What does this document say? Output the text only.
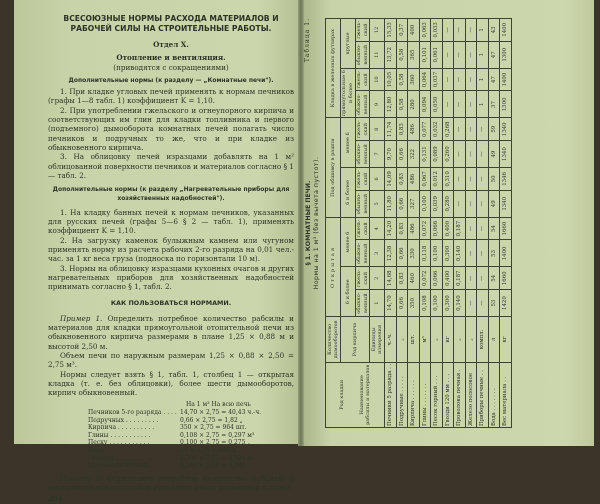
ВСЕСОЮЗНЫЕ НОРМЫ РАСХОДА МАТЕРИАЛОВ И РАБОЧЕЙ СИЛЫ НА СТРОИТЕЛЬНЫЕ РАБОТЫ.
Отдел X.
Отопление и вентиляция.
(приводятся с сокращениями)
Дополнительные нормы (к разделу — „Комнатные печи").

1. При кладке угловых печей применять к нормам печников (графы 1—8 табл. 1) коэффициент K = 1,10.

2. При употреблении гжельского и огнеупорного кирпича и соответствующих им глин для кладки топливника и первого (подъемного) дымооборота комнатных печей полагать число печников и подручных то же, что и при кладке из обыкновенного кирпича.

3. На облицовку печей изразцами добавлять на 1 м² облицованной поверхности печников и материалов согласно § 1 — табл. 2.

Дополнительные нормы (к разделу „Нагревательные приборы для хозяйственных надобностей").

1. На кладку банных печей к нормам печников, указанных для русских печей (графы 5—6 § 2 — табл. 1), применять коэффициент K = 1,10.

2. На загрузку каменок булыжным камнем или чугуном применять норму из расчета рабочих 2-го разряда на 0,01 чел.-час. за 1 кг веса груза (подноска по горизонтали 10 м).

3. Нормы на облицовку изразцами кухонных очагов и других нагревательных приборов для хозяйственных надобностей принимать согласно § 1, табл. 2.

КАК ПОЛЬЗОВАТЬСЯ НОРМАМИ.

Пример 1. Определить потребное количество рабсилы и материалов для кладки прямоугольной отопительной печи из обыкновенного кирпича размерами в плане 1,25 × 0,88 м и высотой 2,50 м.

Объем печи по наружным размерам 1,25 × 0,88 × 2,50 = 2,75 м³.

Нормы следует взять § 1, табл. 1, столбец 1 — открытая кладка (т. е. без облицовки), более шести дымооборотов, кирпич обыкновенный.

На 1 м³ На всю печь
Печников 5-го разряда . . . . 14,70 × 2,75 = 40,43 ч.-ч.
Подручных . . . . . . . . .	0,66 × 2,75 = 1,82 „
Кирпича . . . . . . . . . .	350 × 2,75 = 964 шт.
Глины . . . . . . . . . . .	0,108 × 2,75 = 0,297 м³
Песку . . . . . . . . . . .	0,100 × 2,75 = 0,275 „
Воды . . . . . . . . . . .	53 × 2,75 = 146 л
Гвоздей . . . . . . . . . .	0,300 × 2,75 = 0,825 кг
Проволоки печной . . . . .	0,140 × 2,75 = 0,385 „

Пример 2. Определить потребное количество рабсилы и материалов для постройки кухонного очага размерами в плане

294
Таблица 1.
§ 1. КОМНАТНЫЕ ПЕЧИ. Нормы на 1 м³ (без вычета пустот).
Род кладки Наименование рабсилы и материалов	Количество дымооборотов	Открытая				Под обшивку в рашпи				Кладка в железных футлярах			
	Род кирпича	6 и более		менее 6		6 и более		менее 6		прямоугольные 6 и более		круглые	
		обыкно-венный	гжель-ский	обыкно-венный	гжель-ский	обыкно-венный	гжель-ский	обыкно-венный	гжель-ский	обыкно-венный	гжель-ский	обыкно-венный	гжель-ский
	Единицы измерения	1	2	3	4	5	6	7	8	9	10	11	12
Печники 5 разряда . .	ч.-ч.	14,70	14,68	12,38	14,20	11,80	14,09	9,70	11,74	12,80	10,05	13,72	15,33
Подручные . . . . .	„	0,66	0,83	0,66	0,83	0,66	0,83	0,66	0,83	0,58	0,58	0,58	0,37
Кирпича . . . . . .	шт.	350	460	330	486	327	486	322	486	280	360	365	400
Глины . . . . . . .	м³	0,108	0,072	0,118	0,072	0,100	0,067	0,131	0,077	0,094	0,064	0,101	0,063
Песок горный . . .	„	0,100	0,066	0,100	0,066	0,039	0,012	0,089	0,032	0,050	0,037	0,061	0,033
Гвозди 120 мм . . .	кг	0,300	0,400	0,300	0,400	0,280	0,310	0,260	0,268	—	—	—	—
Проволока печная .	„	0,140	0,187	0,140	0,187	—	—	—	—	—	—	—	—
Железо полосовое	„	—	—	—	—	—	—	—	—	—	—	—	—
Приборы печные . .	компл.	—	—	—	—	—	—	—	—	1	1	1	1
Вода . . . . . . .	л	53	54	53	54	49	50	49	59	37	47	47	43
Вес материала . .	кг	1420	1660	1400	1660	1340	1346	1340	1340	1300	1400	1300	1400
